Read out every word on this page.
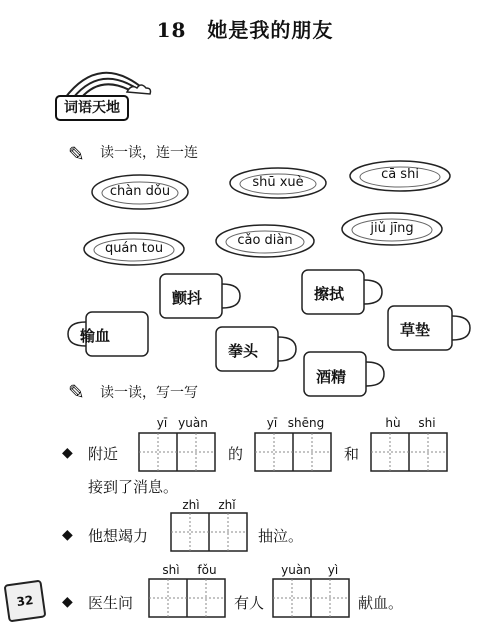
18　她是我的朋友
词语天地
✎ 读一读，连一连
chàn dǒu
shū xuè
cā shi
quán tou
cǎo diàn
jiǔ jīng
颤抖	擦拭
输血	草垫
拳头
酒精
✎ 读一读，写一写
◆ 附近
yī yuàn
的
yī shēng
和
hù	shi
接到了消息。
zhì	zhǐ
◆ 他想竭力	抽泣。
shì	fǒu	yuàn	yì
◆ 医生问	有人	献血。
32
